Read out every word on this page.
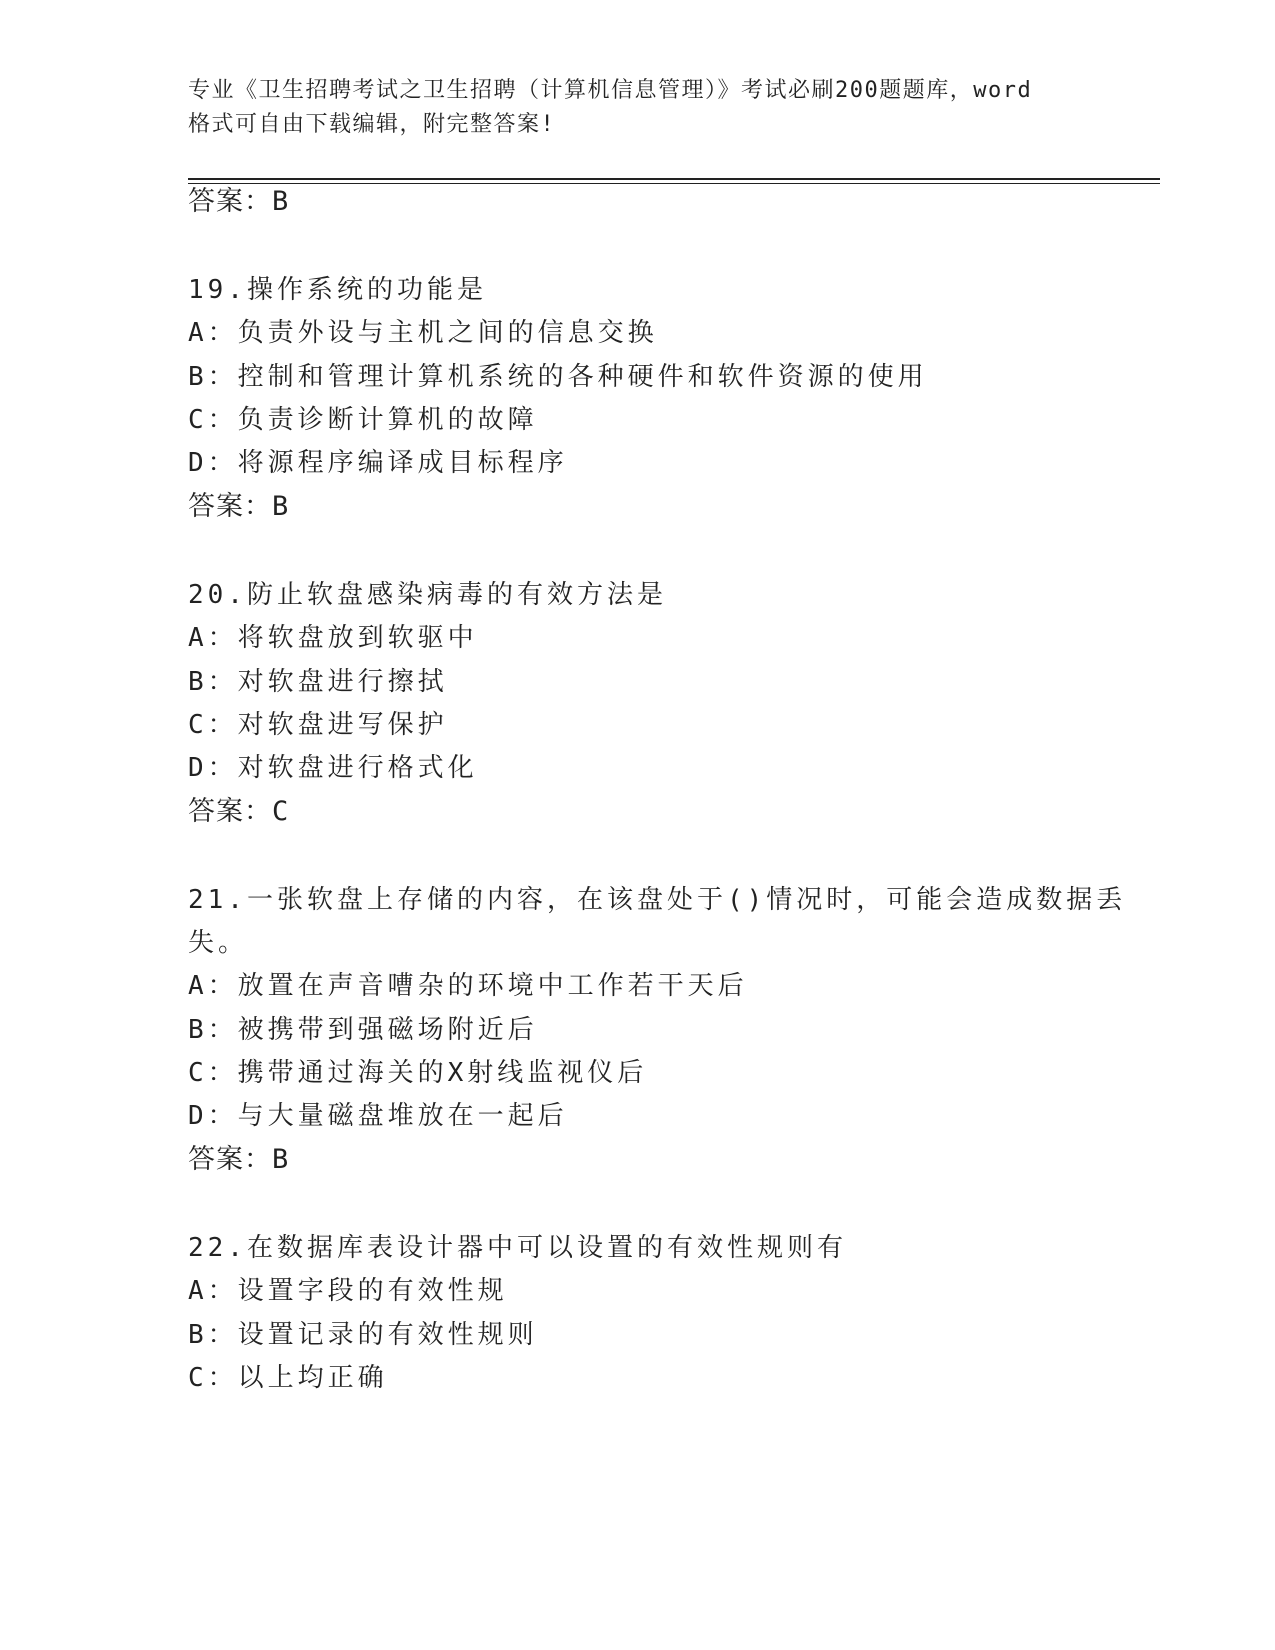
专业《卫生招聘考试之卫生招聘（计算机信息管理）》考试必刷200题题库，word
格式可自由下载编辑，附完整答案!
答案：B
19.操作系统的功能是
A：负责外设与主机之间的信息交换
B：控制和管理计算机系统的各种硬件和软件资源的使用
C：负责诊断计算机的故障
D：将源程序编译成目标程序
答案：B
20.防止软盘感染病毒的有效方法是
A：将软盘放到软驱中
B：对软盘进行擦拭
C：对软盘进写保护
D：对软盘进行格式化
答案：C
21.一张软盘上存储的内容，在该盘处于()情况时，可能会造成数据丢
失。
A：放置在声音嘈杂的环境中工作若干天后
B：被携带到强磁场附近后
C：携带通过海关的X射线监视仪后
D：与大量磁盘堆放在一起后
答案：B
22.在数据库表设计器中可以设置的有效性规则有
A：设置字段的有效性规
B：设置记录的有效性规则
C：以上均正确
